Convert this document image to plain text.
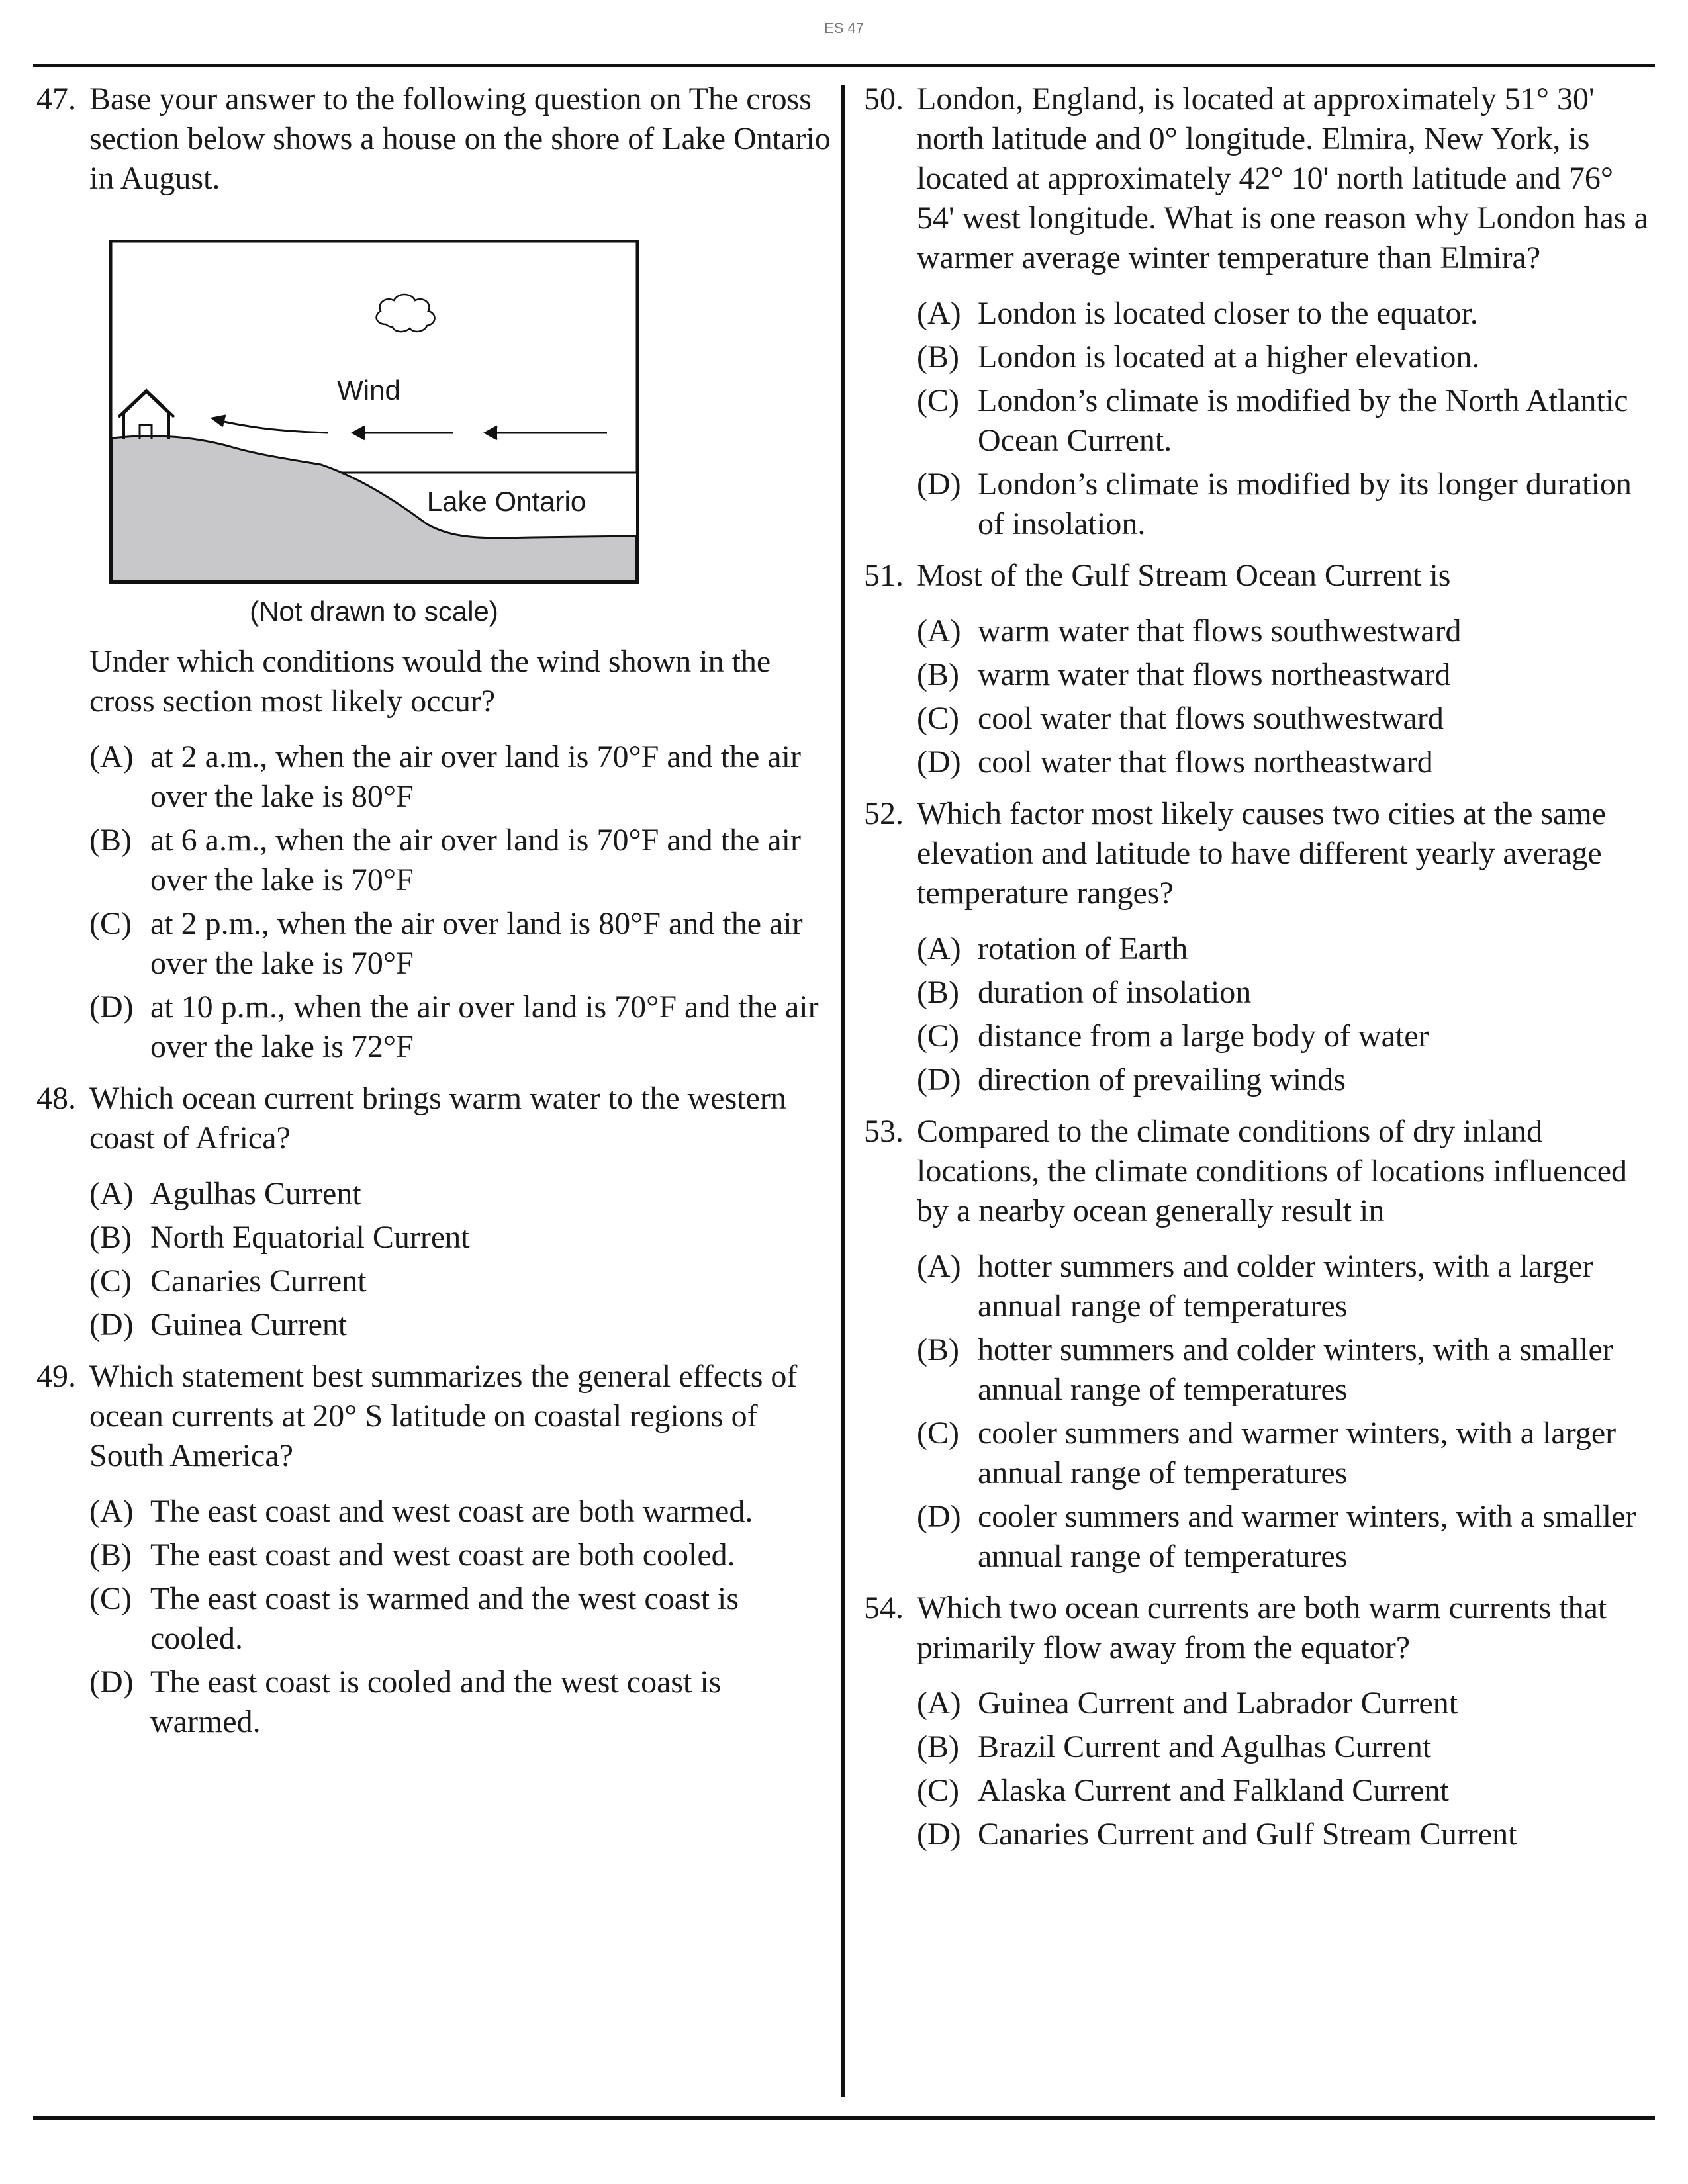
ES 47
47. Base your answer to the following question on The cross section below shows a house on the shore of Lake Ontario in August.
Wind
Lake Ontario
(Not drawn to scale)
Under which conditions would the wind shown in the cross section most likely occur?
(A) at 2 a.m., when the air over land is 70°F and the air over the lake is 80°F
(B) at 6 a.m., when the air over land is 70°F and the air over the lake is 70°F
(C) at 2 p.m., when the air over land is 80°F and the air over the lake is 70°F
(D) at 10 p.m., when the air over land is 70°F and the air over the lake is 72°F
48. Which ocean current brings warm water to the western coast of Africa?
(A) Agulhas Current
(B) North Equatorial Current
(C) Canaries Current
(D) Guinea Current
49. Which statement best summarizes the general effects of ocean currents at 20° S latitude on coastal regions of South America?
(A) The east coast and west coast are both warmed.
(B) The east coast and west coast are both cooled.
(C) The east coast is warmed and the west coast is cooled.
(D) The east coast is cooled and the west coast is warmed.
50. London, England, is located at approximately 51° 30' north latitude and 0° longitude. Elmira, New York, is located at approximately 42° 10' north latitude and 76° 54' west longitude. What is one reason why London has a warmer average winter temperature than Elmira?
(A) London is located closer to the equator.
(B) London is located at a higher elevation.
(C) London’s climate is modified by the North Atlantic Ocean Current.
(D) London’s climate is modified by its longer duration of insolation.
51. Most of the Gulf Stream Ocean Current is
(A) warm water that flows southwestward
(B) warm water that flows northeastward
(C) cool water that flows southwestward
(D) cool water that flows northeastward
52. Which factor most likely causes two cities at the same elevation and latitude to have different yearly average temperature ranges?
(A) rotation of Earth
(B) duration of insolation
(C) distance from a large body of water
(D) direction of prevailing winds
53. Compared to the climate conditions of dry inland locations, the climate conditions of locations influenced by a nearby ocean generally result in
(A) hotter summers and colder winters, with a larger annual range of temperatures
(B) hotter summers and colder winters, with a smaller annual range of temperatures
(C) cooler summers and warmer winters, with a larger annual range of temperatures
(D) cooler summers and warmer winters, with a smaller annual range of temperatures
54. Which two ocean currents are both warm currents that primarily flow away from the equator?
(A) Guinea Current and Labrador Current
(B) Brazil Current and Agulhas Current
(C) Alaska Current and Falkland Current
(D) Canaries Current and Gulf Stream Current
